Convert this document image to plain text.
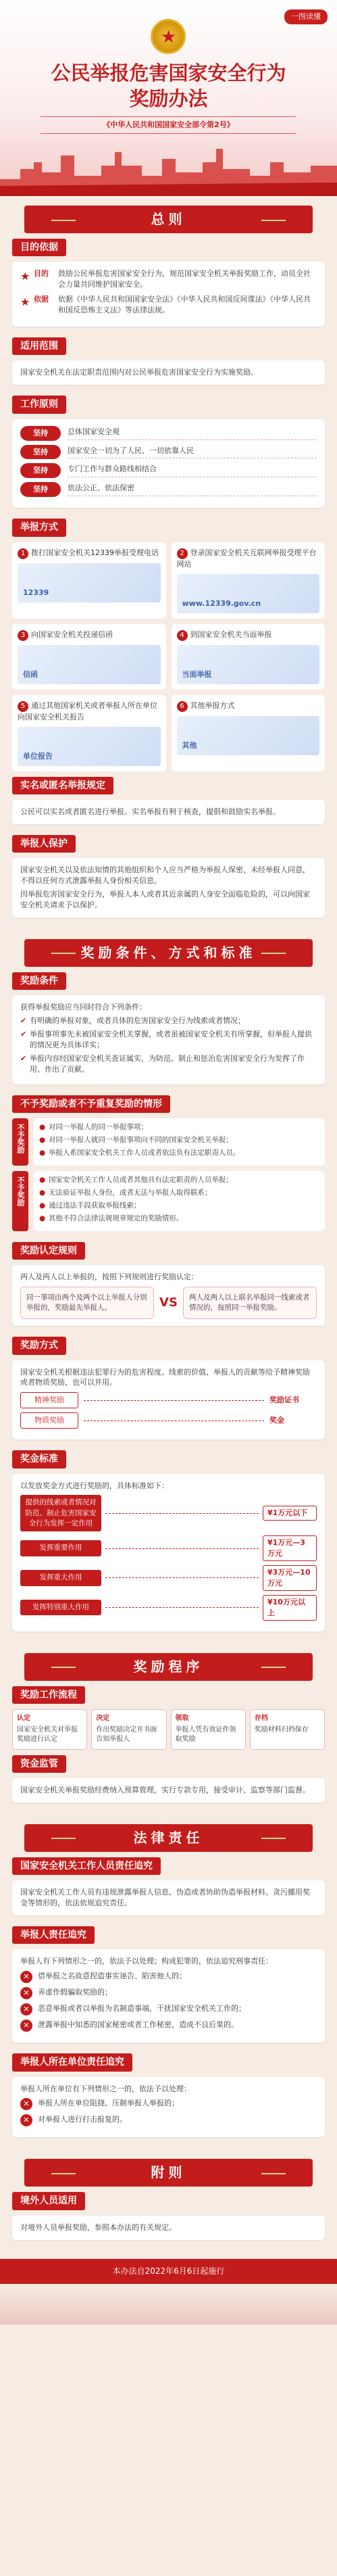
一图读懂
★
公民举报危害国家安全行为
奖励办法
《中华人民共和国国家安全部令第2号》
总则
目的依据
★ 目的	鼓励公民举报危害国家安全行为，规范国家安全机关举报奖励工作，动员全社会力量共同维护国家安全。
★ 依据	依据《中华人民共和国国家安全法》《中华人民共和国反间谍法》《中华人民共和国反恐怖主义法》等法律法规。
适用范围
国家安全机关在法定职责范围内对公民举报危害国家安全行为实施奖励。
工作原则
坚持	总体国家安全观
坚持	国家安全一切为了人民、一切依靠人民
坚持	专门工作与群众路线相结合
坚持	依法公正、依法保密
举报方式
1 拨打国家安全机关12339举报受理电话
12339
2 登录国家安全机关互联网举报受理平台网站
www.12339.gov.cn
3 向国家安全机关投递信函
信函
4 到国家安全机关当面举报
当面举报
5 通过其他国家机关或者举报人所在单位向国家安全机关报告
单位报告
6 其他举报方式
其他
实名或匿名举报规定
公民可以实名或者匿名进行举报。实名举报有利于核查，提倡和鼓励实名举报。
举报人保护

国家安全机关以及依法知情的其他组织和个人应当严格为举报人保密，未经举报人同意，不得以任何方式泄露举报人身份相关信息。

因举报危害国家安全行为，举报人本人或者其近亲属的人身安全面临危险的，可以向国家安全机关请求予以保护。

奖励条件、方式和标准
奖励条件

获得举报奖励应当同时符合下列条件：

✔ 有明确的举报对象，或者具体的危害国家安全行为线索或者情况；
✔ 举报事项事先未被国家安全机关掌握，或者虽被国家安全机关有所掌握，但举报人提供的情况更为具体详实；
✔ 举报内容经国家安全机关查证属实，为防范、制止和惩治危害国家安全行为发挥了作用、作出了贡献。
不予奖励或者不予重复奖励的情形
不予奖励	● 对同一举报人的同一举报事项；
● 对同一举报人就同一举报事项向不同的国家安全机关举报；
● 举报人系国家安全机关工作人员或者依法负有法定职责人员。
不予奖励	● 国家安全机关工作人员或者其他具有法定职责的人员举报；
● 无法验证举报人身份，或者无法与举报人取得联系；
● 通过违法手段获取举报线索；
● 其他不符合法律法规规章规定的奖励情形。
奖励认定规则

两人及两人以上举报的，按照下列规则进行奖励认定：

同一事项由两个及两个以上举报人分别举报的，奖励最先举报人。	VS	两人及两人以上联名举报同一线索或者情况的，按照同一举报奖励。
奖励方式

国家安全机关根据违法犯罪行为的危害程度、线索的价值、举报人的贡献等给予精神奖励或者物质奖励，也可以并用。

精神奖励	奖励证书
物质奖励	奖金
奖金标准

以发放奖金方式进行奖励的，具体标准如下：

提供的线索或者情况对防范、制止危害国家安全行为发挥一定作用
¥1万元以下
发挥重要作用
¥1万元—3万元
发挥重大作用
¥3万元—10万元
发挥特别重大作用
¥10万元以上
奖励程序
奖励工作流程
认定
国家安全机关对举报奖励进行认定
决定
作出奖励决定并书面告知举报人
领取
举报人凭有效证件领取奖励
存档
奖励材料归档保存
资金监管
国家安全机关举报奖励经费纳入预算管理，实行专款专用，接受审计、监察等部门监督。
法律责任
国家安全机关工作人员责任追究
国家安全机关工作人员有违规泄露举报人信息、伪造或者协助伪造举报材料、贪污挪用奖金等情形的，依法依规追究责任。
举报人责任追究

举报人有下列情形之一的，依法予以处理；构成犯罪的，依法追究刑事责任：

✕	借举报之名故意捏造事实诬告、陷害他人的；
✕	弄虚作假骗取奖励的；
✕	恶意举报或者以举报为名制造事端，干扰国家安全机关工作的；
✕	泄露举报中知悉的国家秘密或者工作秘密，造成不良后果的。
举报人所在单位责任追究

举报人所在单位有下列情形之一的，依法予以处理：

✕	举报人所在单位阻挠、压制举报人举报的；
✕	对举报人进行打击报复的。
附则
境外人员适用
对境外人员举报奖励，参照本办法的有关规定。
本办法自2022年6月6日起施行
